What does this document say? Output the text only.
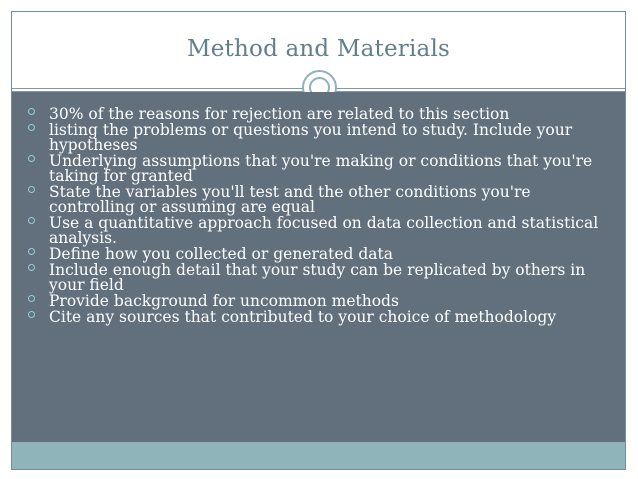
Method and Materials
30% of the reasons for rejection are related to this section
listing the problems or questions you intend to study. Include your hypotheses
Underlying assumptions that you're making or conditions that you're taking for granted
State the variables you'll test and the other conditions you're controlling or assuming are equal
Use a quantitative approach focused on data collection and statistical analysis.
Define how you collected or generated data
Include enough detail that your study can be replicated by others in your field
Provide background for uncommon methods
Cite any sources that contributed to your choice of methodology
